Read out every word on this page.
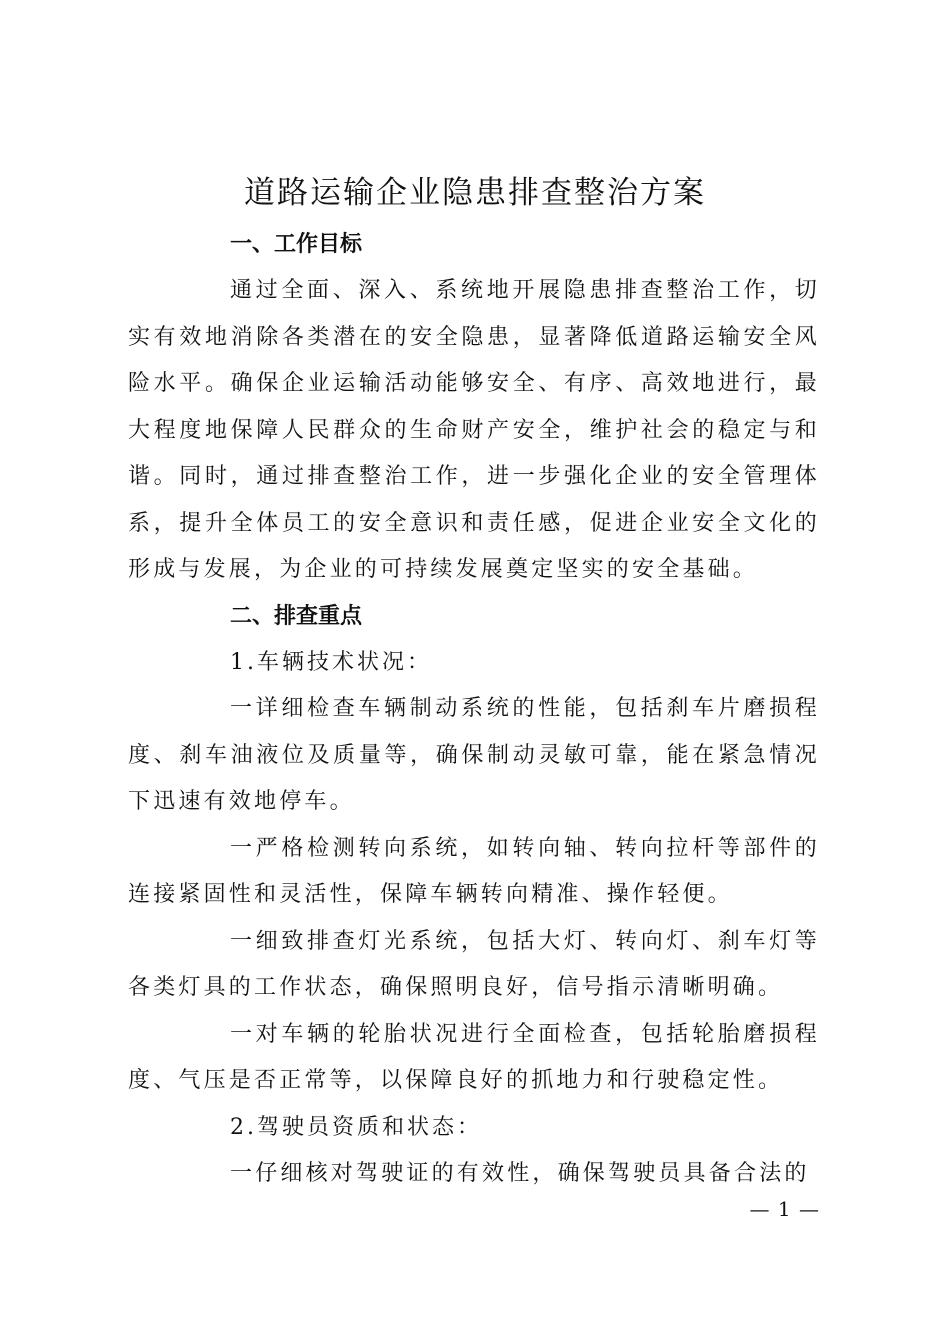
道路运输企业隐患排查整治方案
一、工作目标

通过全面、深入、系统地开展隐患排查整治工作，切实有效地消除各类潜在的安全隐患，显著降低道路运输安全风险水平。确保企业运输活动能够安全、有序、高效地进行，最大程度地保障人民群众的生命财产安全，维护社会的稳定与和谐。同时，通过排查整治工作，进一步强化企业的安全管理体系，提升全体员工的安全意识和责任感，促进企业安全文化的形成与发展，为企业的可持续发展奠定坚实的安全基础。

二、排查重点
1.车辆技术状况：

一详细检查车辆制动系统的性能，包括刹车片磨损程度、刹车油液位及质量等，确保制动灵敏可靠，能在紧急情况下迅速有效地停车。

一严格检测转向系统，如转向轴、转向拉杆等部件的连接紧固性和灵活性，保障车辆转向精准、操作轻便。

一细致排查灯光系统，包括大灯、转向灯、刹车灯等各类灯具的工作状态，确保照明良好，信号指示清晰明确。

一对车辆的轮胎状况进行全面检查，包括轮胎磨损程度、气压是否正常等，以保障良好的抓地力和行驶稳定性。

2.驾驶员资质和状态：

一仔细核对驾驶证的有效性，确保驾驶员具备合法的

— 1 —
